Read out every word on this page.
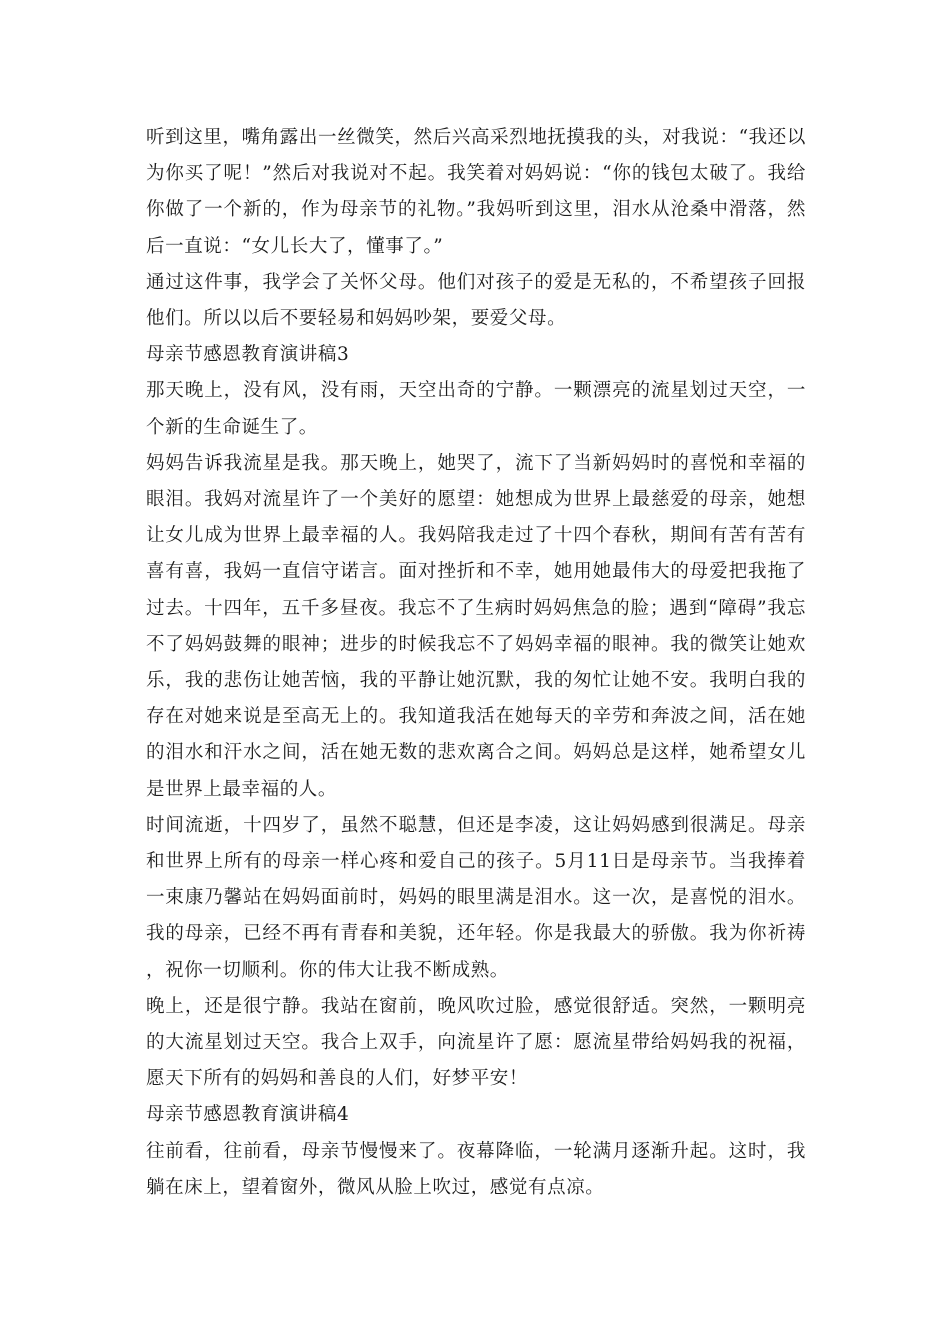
听到这里，嘴角露出一丝微笑，然后兴高采烈地抚摸我的头，对我说：“我还以为你买了呢！”然后对我说对不起。我笑着对妈妈说：“你的钱包太破了。我给你做了一个新的，作为母亲节的礼物。”我妈听到这里，泪水从沧桑中滑落，然后一直说：“女儿长大了，懂事了。”

通过这件事，我学会了关怀父母。他们对孩子的爱是无私的，不希望孩子回报他们。所以以后不要轻易和妈妈吵架，要爱父母。

母亲节感恩教育演讲稿3

那天晚上，没有风，没有雨，天空出奇的宁静。一颗漂亮的流星划过天空，一个新的生命诞生了。

妈妈告诉我流星是我。那天晚上，她哭了，流下了当新妈妈时的喜悦和幸福的眼泪。我妈对流星许了一个美好的愿望：她想成为世界上最慈爱的母亲，她想让女儿成为世界上最幸福的人。我妈陪我走过了十四个春秋，期间有苦有苦有喜有喜，我妈一直信守诺言。面对挫折和不幸，她用她最伟大的母爱把我拖了过去。十四年，五千多昼夜。我忘不了生病时妈妈焦急的脸；遇到“障碍”我忘不了妈妈鼓舞的眼神；进步的时候我忘不了妈妈幸福的眼神。我的微笑让她欢乐，我的悲伤让她苦恼，我的平静让她沉默，我的匆忙让她不安。我明白我的存在对她来说是至高无上的。我知道我活在她每天的辛劳和奔波之间，活在她的泪水和汗水之间，活在她无数的悲欢离合之间。妈妈总是这样，她希望女儿是世界上最幸福的人。

时间流逝，十四岁了，虽然不聪慧，但还是李凌，这让妈妈感到很满足。母亲和世界上所有的母亲一样心疼和爱自己的孩子。5月11日是母亲节。当我捧着一束康乃馨站在妈妈面前时，妈妈的眼里满是泪水。这一次，是喜悦的泪水。我的母亲，已经不再有青春和美貌，还年轻。你是我最大的骄傲。我为你祈祷，祝你一切顺利。你的伟大让我不断成熟。

晚上，还是很宁静。我站在窗前，晚风吹过脸，感觉很舒适。突然，一颗明亮的大流星划过天空。我合上双手，向流星许了愿：愿流星带给妈妈我的祝福，愿天下所有的妈妈和善良的人们，好梦平安！

母亲节感恩教育演讲稿4

往前看，往前看，母亲节慢慢来了。夜幕降临，一轮满月逐渐升起。这时，我躺在床上，望着窗外，微风从脸上吹过，感觉有点凉。
